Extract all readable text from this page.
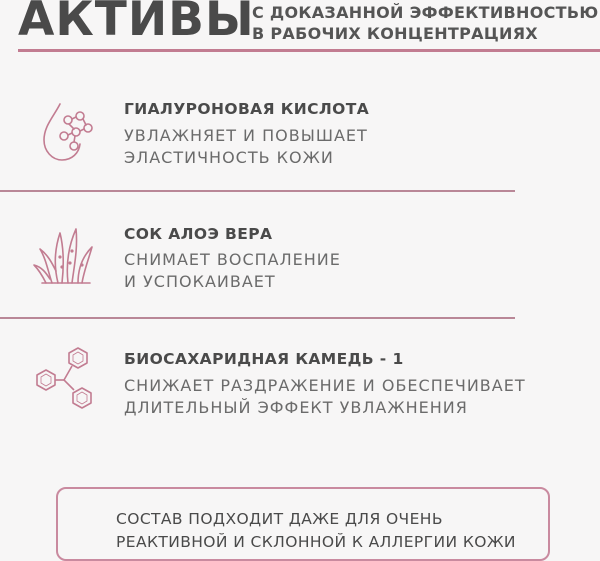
АКТИВЫ
С ДОКАЗАННОЙ ЭФФЕКТИВНОСТЬЮ
В РАБОЧИХ КОНЦЕНТРАЦИЯХ
ГИАЛУРОНОВАЯ КИСЛОТА
УВЛАЖНЯЕТ И ПОВЫШАЕТ
ЭЛАСТИЧНОСТЬ КОЖИ
СОК АЛОЭ ВЕРА
СНИМАЕТ ВОСПАЛЕНИЕ
И УСПОКАИВАЕТ
БИОСАХАРИДНАЯ КАМЕДЬ - 1
СНИЖАЕТ РАЗДРАЖЕНИЕ И ОБЕСПЕЧИВАЕТ
ДЛИТЕЛЬНЫЙ ЭФФЕКТ УВЛАЖНЕНИЯ
СОСТАВ ПОДХОДИТ ДАЖЕ ДЛЯ ОЧЕНЬ
РЕАКТИВНОЙ И СКЛОННОЙ К АЛЛЕРГИИ КОЖИ
